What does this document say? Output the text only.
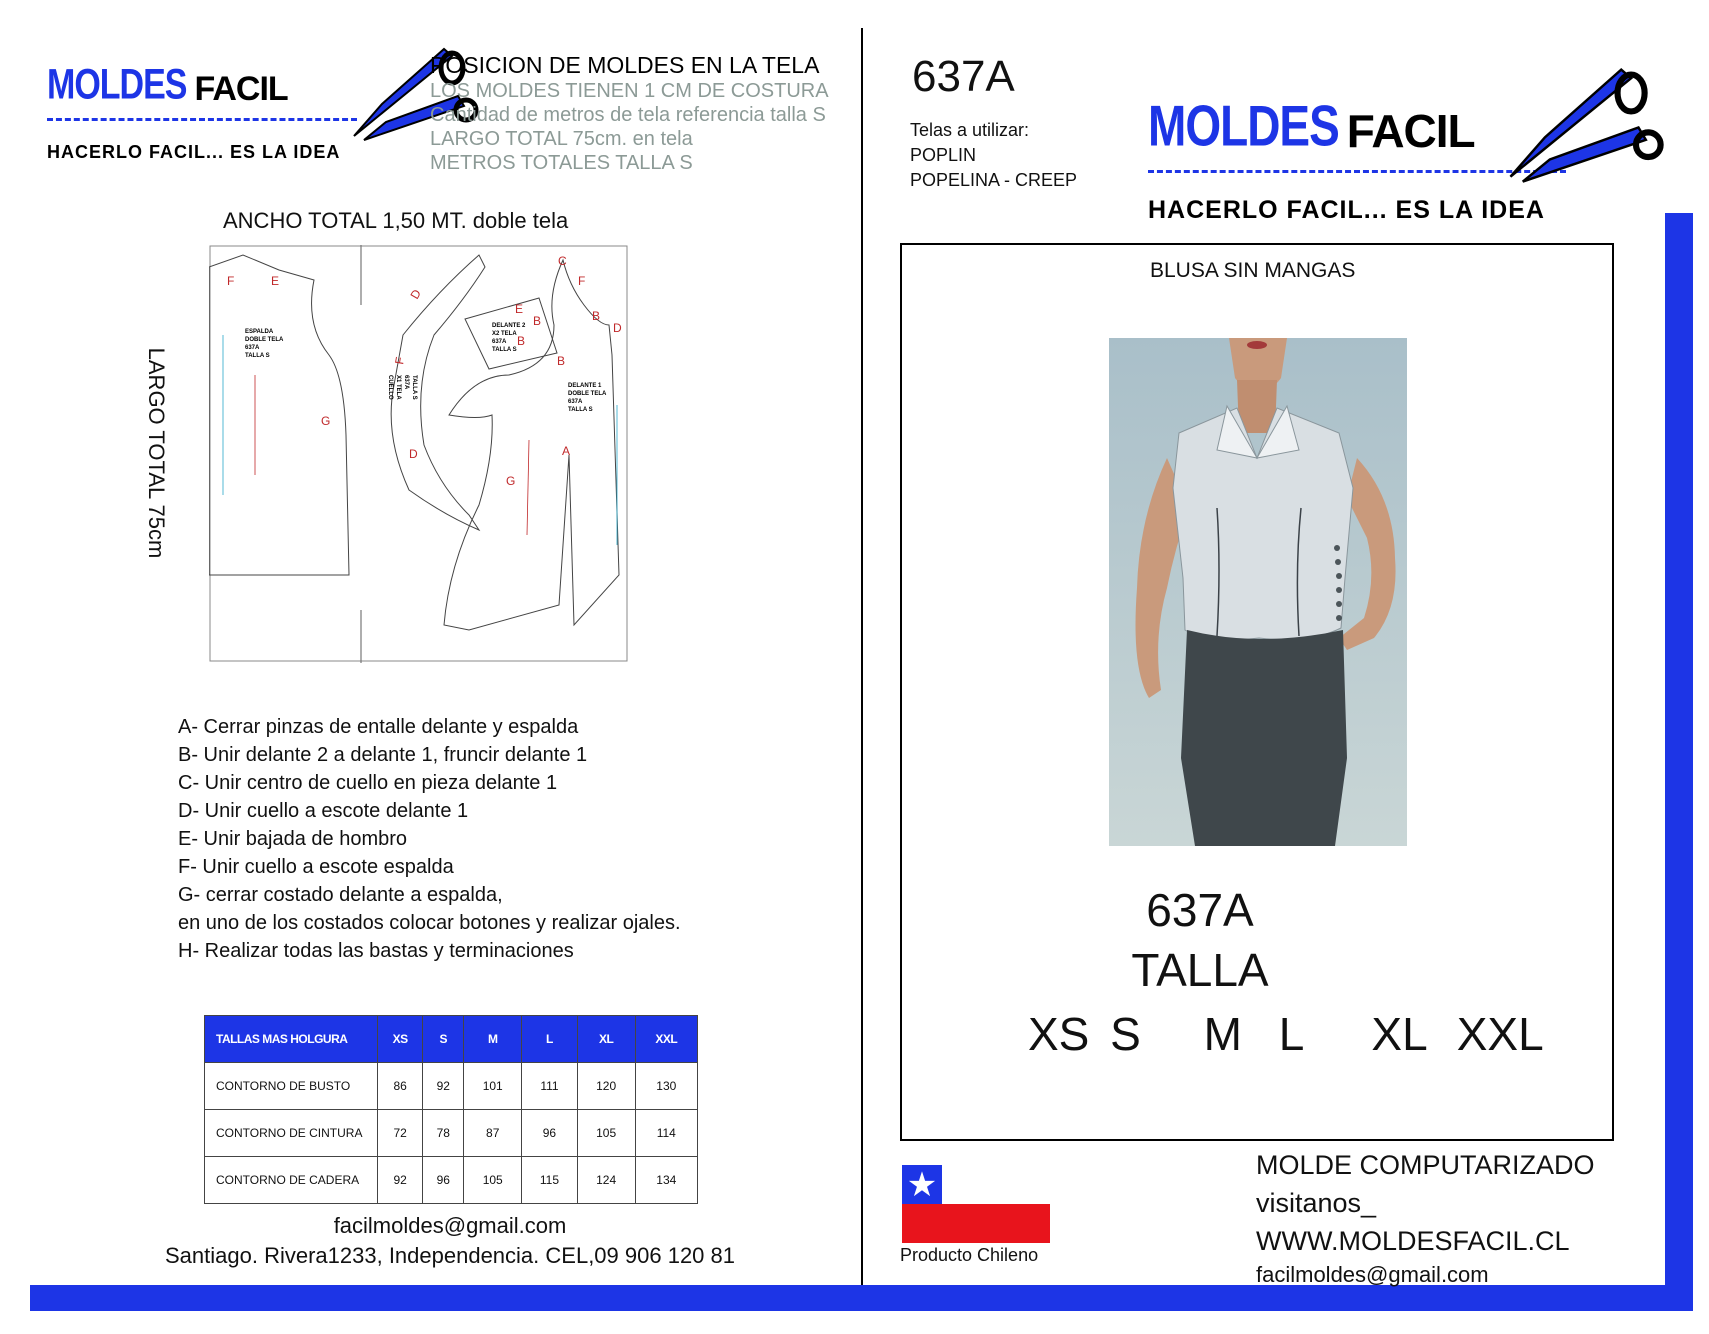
MOLDES FACIL
HACERLO FACIL... ES LA IDEA
POSICION DE MOLDES EN LA TELA
LOS MOLDES TIENEN 1 CM DE COSTURA
Cantidad de metros de tela referencia talla S
LARGO TOTAL 75cm. en tela
METROS TOTALES TALLA S
ANCHO TOTAL 1,50 MT. doble tela
LARGO TOTAL 75cm
F	E
G
D
F
D
E
B
B
C
F
B
D
B
A
G
ESPALDA
DOBLE TELA
637A
TALLA S
CUELLO X1 TELA 637A TALLA S
DELANTE 2
X2 TELA
637A
TALLA S
DELANTE 1
DOBLE TELA
637A
TALLA S
A- Cerrar pinzas de entalle delante y espalda
B- Unir delante 2 a delante 1, fruncir delante 1
C- Unir centro de cuello en pieza delante 1
D- Unir cuello a escote delante 1
E- Unir bajada de hombro
F- Unir cuello a escote espalda
G- cerrar costado delante a espalda,
en uno de los costados colocar botones y realizar ojales.
H- Realizar todas las bastas y terminaciones
TALLAS MAS HOLGURA	XS	S	M	L	XL	XXL
CONTORNO DE BUSTO	86	92	101	111	120	130
CONTORNO DE CINTURA	72	78	87	96	105	114
CONTORNO DE CADERA	92	96	105	115	124	134
facilmoldes@gmail.com
Santiago. Rivera1233, Independencia. CEL,09 906 120 81
637A
Telas a utilizar:
POPLIN
POPELINA - CREEP
MOLDES FACIL
HACERLO FACIL... ES LA IDEA
BLUSA SIN MANGAS
637A
TALLA
XS S M L XL XXL
★
Producto Chileno
MOLDE COMPUTARIZADO
visitanos_
WWW.MOLDESFACIL.CL
facilmoldes@gmail.com
